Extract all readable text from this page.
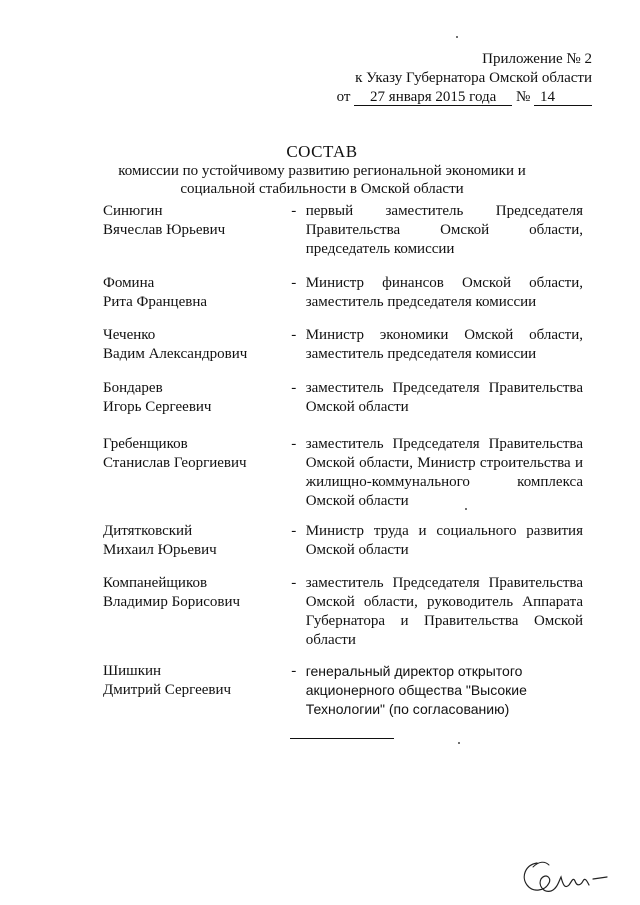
Приложение № 2
к Указу Губернатора Омской области
от 27 января 2015 года № 14
СОСТАВ
комиссии по устойчивому развитию региональной экономики и
социальной стабильности в Омской области
Синюгин
Вячеслав Юрьевич
- первый заместитель Председателя Правительства Омской области, председатель комиссии
Фомина
Рита Францевна
- Министр финансов Омской области, заместитель председателя комиссии
Чеченко
Вадим Александрович
- Министр экономики Омской области, заместитель председателя комиссии
Бондарев
Игорь Сергеевич
- заместитель Председателя Правительства Омской области
Гребенщиков
Станислав Георгиевич
- заместитель Председателя Правительства Омской области, Министр строительства и жилищно-коммунального комплекса Омской области
Дитятковский
Михаил Юрьевич
- Министр труда и социального развития Омской области
Компанейщиков
Владимир Борисович
- заместитель Председателя Правительства Омской области, руководитель Аппарата Губернатора и Правительства Омской области
Шишкин
Дмитрий Сергеевич
- генеральный директор открытого акционерного общества "Высокие Технологии" (по согласованию)
